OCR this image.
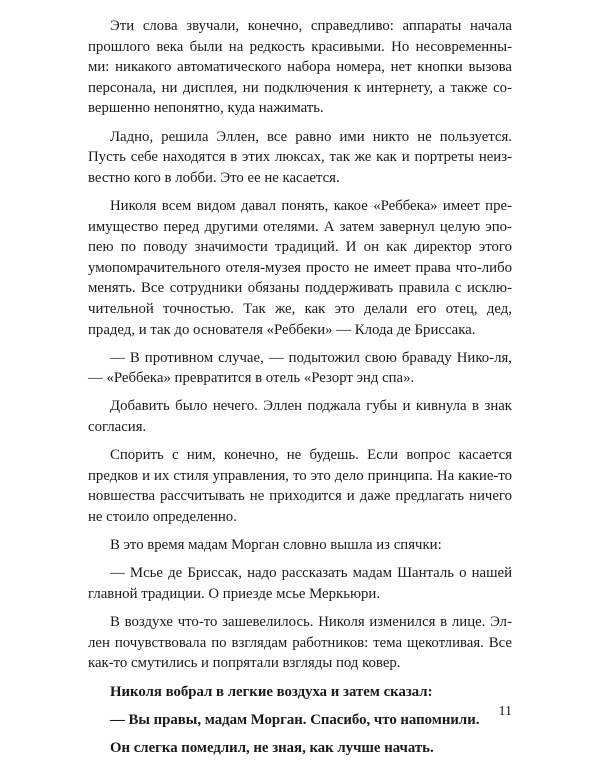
Эти слова звучали, конечно, справедливо: аппараты начала прошлого века были на редкость красивыми. Но несовременны-ми: никакого автоматического набора номера, нет кнопки вызова персонала, ни дисплея, ни подключения к интернету, а также со-вершенно непонятно, куда нажимать.

Ладно, решила Эллен, все равно ими никто не пользуется. Пусть себе находятся в этих люксах, так же как и портреты неиз-вестно кого в лобби. Это ее не касается.

Николя всем видом давал понять, какое «Реббека» имеет пре-имущество перед другими отелями. А затем завернул целую эпо-пею по поводу значимости традиций. И он как директор этого умопомрачительного отеля-музея просто не имеет права что-либо менять. Все сотрудники обязаны поддерживать правила с исклю-чительной точностью. Так же, как это делали его отец, дед, прадед, и так до основателя «Реббеки» — Клода де Бриссака.

— В противном случае, — подытожил свою браваду Нико-ля, — «Реббека» превратится в отель «Резорт энд спа».

Добавить было нечего. Эллен поджала губы и кивнула в знак согласия.

Спорить с ним, конечно, не будешь. Если вопрос касается предков и их стиля управления, то это дело принципа. На какие-то новшества рассчитывать не приходится и даже предлагать ничего не стоило определенно.

В это время мадам Морган словно вышла из спячки:

— Мсье де Бриссак, надо рассказать мадам Шанталь о нашей главной традиции. О приезде мсье Меркьюри.

В воздухе что-то зашевелилось. Николя изменился в лице. Эл-лен почувствовала по взглядам работников: тема щекотливая. Все как-то смутились и попрятали взгляды под ковер.

Николя вобрал в легкие воздуха и затем сказал:

— Вы правы, мадам Морган. Спасибо, что напомнили.

Он слегка помедлил, не зная, как лучше начать.

11
